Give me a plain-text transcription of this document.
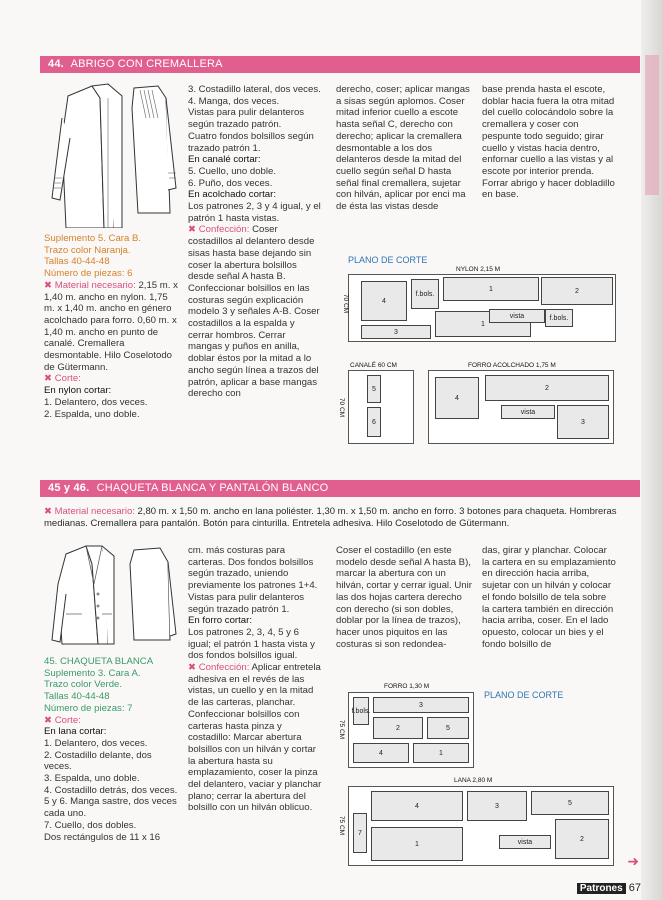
44. ABRIGO CON CREMALLERA

Suplemento 5. Cara B.

Trazo color Naranja.

Tallas 40-44-48

Número de piezas: 6

✖ Material necesario: 2,15 m. x 1,40 m. ancho en nylon. 1,75 m. x 1,40 m. ancho en género acolchado para forro. 0,60 m. x 1,40 m. ancho en punto de canalé. Cremallera desmontable. Hilo Coselotodo de Gütermann.

✖ Corte:

En nylon cortar:

1. Delantero, dos veces.

2. Espalda, uno doble.

3. Costadillo lateral, dos veces.

4. Manga, dos veces.

Vistas para pulir delanteros según trazado patrón.

Cuatro fondos bolsillos según trazado patrón 1.

En canalé cortar:

5. Cuello, uno doble.

6. Puño, dos veces.

En acolchado cortar:

Los patrones 2, 3 y 4 igual, y el patrón 1 hasta vistas.

✖ Confección: Coser costadillos al delantero desde sisas hasta base dejando sin coser la abertura bolsillos desde señal A hasta B. Confeccionar bolsillos en las costuras según explicación modelo 3 y señales A-B. Coser costadillos a la espalda y cerrar hombros. Cerrar mangas y puños en anilla, doblar éstos por la mitad a lo ancho según línea a trazos del patrón, aplicar a base mangas derecho con

derecho, coser; aplicar mangas a sisas según aplomos. Coser mitad inferior cuello a escote hasta señal C, derecho con derecho; aplicar la cremallera desmontable a los dos delanteros desde la mitad del cuello según señal D hasta señal final cremallera, sujetar con hilván, aplicar por enci ma de ésta las vistas desde

base prenda hasta el escote, doblar hacia fuera la otra mitad del cuello colocándolo sobre la cremallera y coser con pespunte todo seguido; girar cuello y vistas hacia dentro, enfornar cuello a las vistas y al escote por interior prenda. Forrar abrigo y hacer dobladillo en base.

PLANO DE CORTE
NYLON 2,15 M
4
f.bols.
1	2
3
1
vista	f.bols.
70 CM
CANALÉ 60 CM
5
6
70 CM
FORRO ACOLCHADO 1,75 M
4
2
vista
3
45 y 46. CHAQUETA BLANCA Y PANTALÓN BLANCO
✖ Material necesario: 2,80 m. x 1,50 m. ancho en lana poliéster. 1,30 m. x 1,50 m. ancho en forro. 3 botones para chaqueta. Hombreras medianas. Cremallera para pantalón. Botón para cinturilla. Entretela adhesiva. Hilo Coselotodo de Gütermann.

45. CHAQUETA BLANCA

Suplemento 3. Cara A.

Trazo color Verde.

Tallas 40-44-48

Número de piezas: 7

✖ Corte:

En lana cortar:

1. Delantero, dos veces.

2. Costadillo delante, dos veces.

3. Espalda, uno doble.

4. Costadillo detrás, dos veces.

5 y 6. Manga sastre, dos veces cada uno.

7. Cuello, dos dobles.

Dos rectángulos de 11 x 16

cm. más costuras para carteras. Dos fondos bolsillos según trazado, uniendo previamente los patrones 1+4. Vistas para pulir delanteros según trazado patrón 1.

En forro cortar:

Los patrones 2, 3, 4, 5 y 6 igual; el patrón 1 hasta vista y dos fondos bolsillos igual.

✖ Confección: Aplicar entretela adhesiva en el revés de las vistas, un cuello y en la mitad de las carteras, planchar. Confeccionar bolsillos con carteras hasta pinza y costadillo: Marcar abertura bolsillos con un hilván y cortar la abertura hasta su emplazamiento, coser la pinza del delantero, vaciar y planchar plano; cerrar la abertura del bolsillo con un hilván oblicuo.

Coser el costadillo (en este modelo desde señal A hasta B), marcar la abertura con un hilván, cortar y cerrar igual. Unir las dos hojas cartera derecho con derecho (si son dobles, doblar por la línea de trazos), hacer unos piquitos en las costuras si son redondea-

das, girar y planchar. Colocar la cartera en su emplazamiento en dirección hacia arriba, sujetar con un hilván y colocar el fondo bolsillo de tela sobre la cartera también en dirección hacia arriba, coser. En el lado opuesto, colocar un bies y el fondo bolsillo de

PLANO DE CORTE
FORRO 1,30 M
f.bols.
3
2	5
4	1
75 CM
LANA 2,80 M
7
4
1
3	5
vista	2
75 CM
➜
Patrones 67
